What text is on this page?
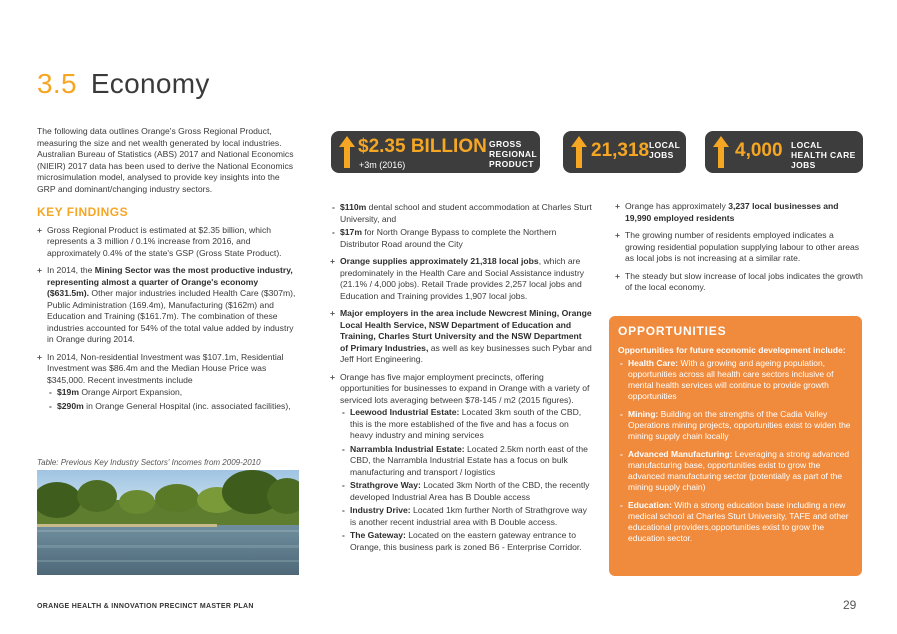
3.5 Economy

The following data outlines Orange's Gross Regional Product, measuring the size and net wealth generated by local industries. Australian Bureau of Statistics (ABS) 2017 and National Economics (NIEIR) 2017 data has been used to derive the National Economics microsimulation model, analysed to provide key insights into the GRP and dominant/changing industry sectors.

KEY FINDINGS
+ Gross Regional Product is estimated at $2.35 billion, which represents a 3 million / 0.1% increase from 2016, and approximately 0.4% of the state's GSP (Gross State Product).
+ In 2014, the Mining Sector was the most productive industry, representing almost a quarter of Orange's economy ($631.5m). Other major industries included Health Care ($307m), Public Administration (169.4m), Manufacturing ($162m) and Education and Training ($161.7m). The combination of these industries accounted for 54% of the total value added by industry in Orange during 2014.
+ In 2014, Non-residential Investment was $107.1m, Residential Investment was $86.4m and the Median House Price was $345,000. Recent investments include
- $19m Orange Airport Expansion,
- $290m in Orange General Hospital (inc. associated facilities),
Table: Previous Key Industry Sectors' Incomes from 2009-2010
$2.35 BILLION
+3m (2016)
GROSS REGIONAL PRODUCT
21,318 LOCAL JOBS	4,000 LOCAL HEALTH CARE JOBS
- $110m dental school and student accommodation at Charles Sturt University, and
- $17m for North Orange Bypass to complete the Northern Distributor Road around the City
+ Orange supplies approximately 21,318 local jobs, which are predominately in the Health Care and Social Assistance industry (21.1% / 4,000 jobs). Retail Trade provides 2,257 local jobs and Education and Training provides 1,907 local jobs.
+ Major employers in the area include Newcrest Mining, Orange Local Health Service, NSW Department of Education and Training, Charles Sturt University and the NSW Department of Primary Industries, as well as key businesses such Pybar and Jeff Hort Engineering.
+ Orange has five major employment precincts, offering opportunities for businesses to expand in Orange with a variety of serviced lots averaging between $78-145 / m2 (2015 figures).
- Leewood Industrial Estate: Located 3km south of the CBD, this is the more established of the five and has a focus on heavy industry and mining services
- Narrambla Industrial Estate: Located 2.5km north east of the CBD, the Narrambla Industrial Estate has a focus on bulk manufacturing and transport / logistics
- Strathgrove Way: Located 3km North of the CBD, the recently developed Industrial Area has B Double access
- Industry Drive: Located 1km further North of Strathgrove way is another recent industrial area with B Double access.
- The Gateway: Located on the eastern gateway entrance to Orange, this business park is zoned B6 - Enterprise Corridor.
+ Orange has approximately 3,237 local businesses and 19,990 employed residents
+ The growing number of residents employed indicates a growing residential population supplying labour to other areas as local jobs is not increasing at a similar rate.
+ The steady but slow increase of local jobs indicates the growth of the local economy.
OPPORTUNITIES
Opportunities for future economic development include:
- Health Care: With a growing and ageing population, opportunities across all health care sectors inclusive of mental health services will continue to provide growth opportunities
- Mining: Building on the strengths of the Cadia Valley Operations mining projects, opportunities exist to widen the mining supply chain locally
- Advanced Manufacturing: Leveraging a strong advanced manufacturing base, opportunities exist to grow the advanced manufacturing sector (potentially as part of the mining supply chain)
- Education: With a strong education base including a new medical school at Charles Sturt University, TAFE and other educational providers,opportunities exist to grow the education sector.
ORANGE HEALTH & INNOVATION PRECINCT MASTER PLAN	29
